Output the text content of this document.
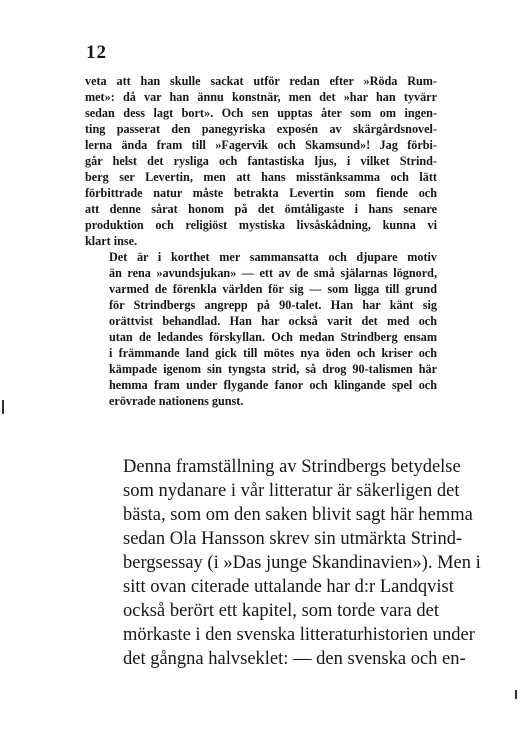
12

veta att han skulle sackat utför redan efter »Röda Rum-
met»: då var han ännu konstnär, men det »har han tyvärr
sedan dess lagt bort». Och sen upptas åter som om ingen-
ting passerat den panegyriska exposén av skärgårdsnovel-
lerna ända fram till »Fagervik och Skamsund»! Jag förbi-
går helst det rysliga och fantastiska ljus, i vilket Strind-
berg ser Levertin, men att hans misstänksamma och lätt
förbittrade natur måste betrakta Levertin som fiende och
att denne sårat honom på det ömtåligaste i hans senare
produktion och religiöst mystiska livsåskådning, kunna vi
klart inse.

Det är i korthet mer sammansatta och djupare motiv
än rena »avundsjukan» — ett av de små själarnas lögnord,
varmed de förenkla världen för sig — som ligga till grund
för Strindbergs angrepp på 90-talet. Han har känt sig
orättvist behandlad. Han har också varit det med och
utan de ledandes förskyllan. Och medan Strindberg ensam
i främmande land gick till mötes nya öden och kriser och
kämpade igenom sin tyngsta strid, så drog 90-talismen här
hemma fram under flygande fanor och klingande spel och
erövrade nationens gunst.

Denna framställning av Strindbergs betydelse
som nydanare i vår litteratur är säkerligen det
bästa, som om den saken blivit sagt här hemma
sedan Ola Hansson skrev sin utmärkta Strind-
bergsessay (i »Das junge Skandinavien»). Men i
sitt ovan citerade uttalande har d:r Landqvist
också berört ett kapitel, som torde vara det
mörkaste i den svenska litteraturhistorien under
det gångna halvseklet: — den svenska och en-
